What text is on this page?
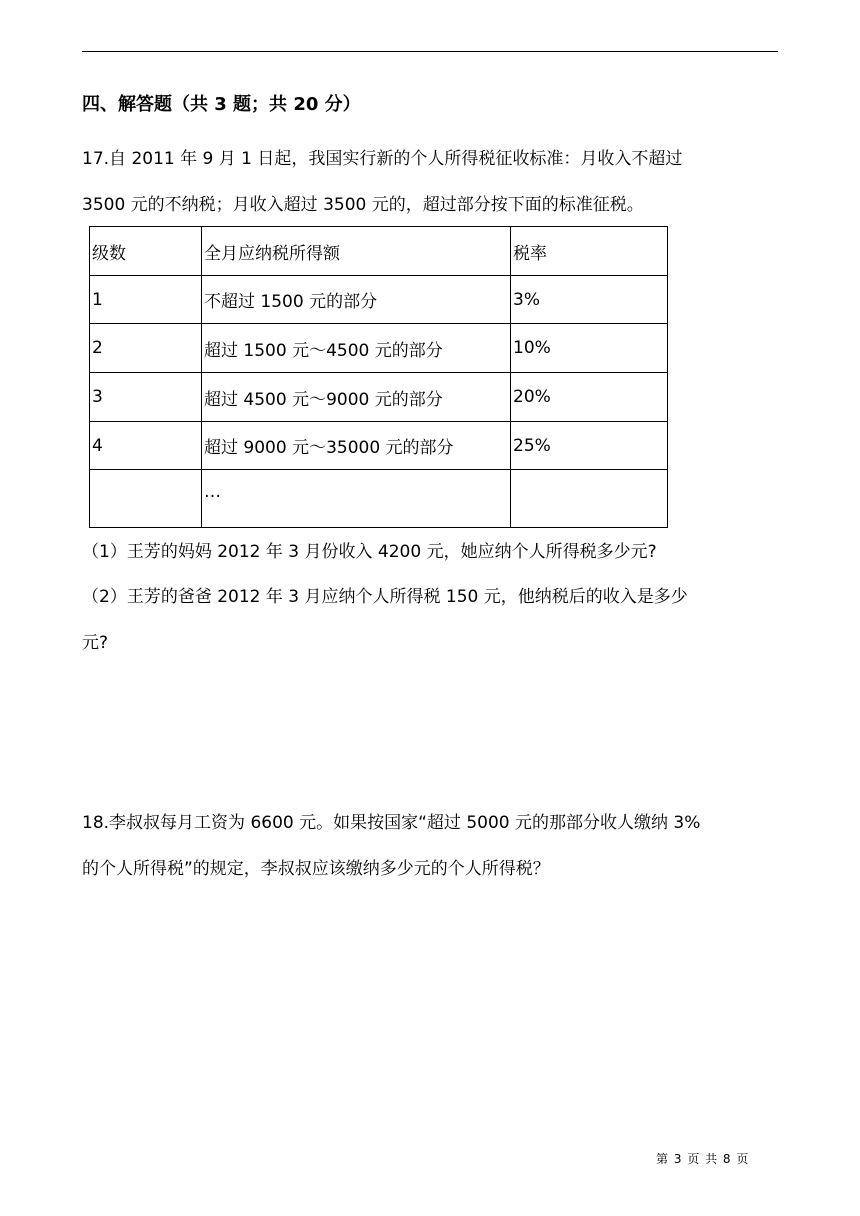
四、解答题（共 3 题；共 20 分）
17.自 2011 年 9 月 1 日起，我国实行新的个人所得税征收标准：月收入不超过
3500 元的不纳税；月收入超过 3500 元的，超过部分按下面的标准征税。
级数	全月应纳税所得额	税率
1	不超过 1500 元的部分	3%
2	超过 1500 元～4500 元的部分	10%
3	超过 4500 元～9000 元的部分	20%
4	超过 9000 元～35000 元的部分	25%
	…	
（1）王芳的妈妈 2012 年 3 月份收入 4200 元，她应纳个人所得税多少元?
（2）王芳的爸爸 2012 年 3 月应纳个人所得税 150 元，他纳税后的收入是多少
元?
18.李叔叔每月工资为 6600 元。如果按国家“超过 5000 元的那部分收人缴纳 3%
的个人所得税”的规定，李叔叔应该缴纳多少元的个人所得税？
第 3 页 共 8 页
